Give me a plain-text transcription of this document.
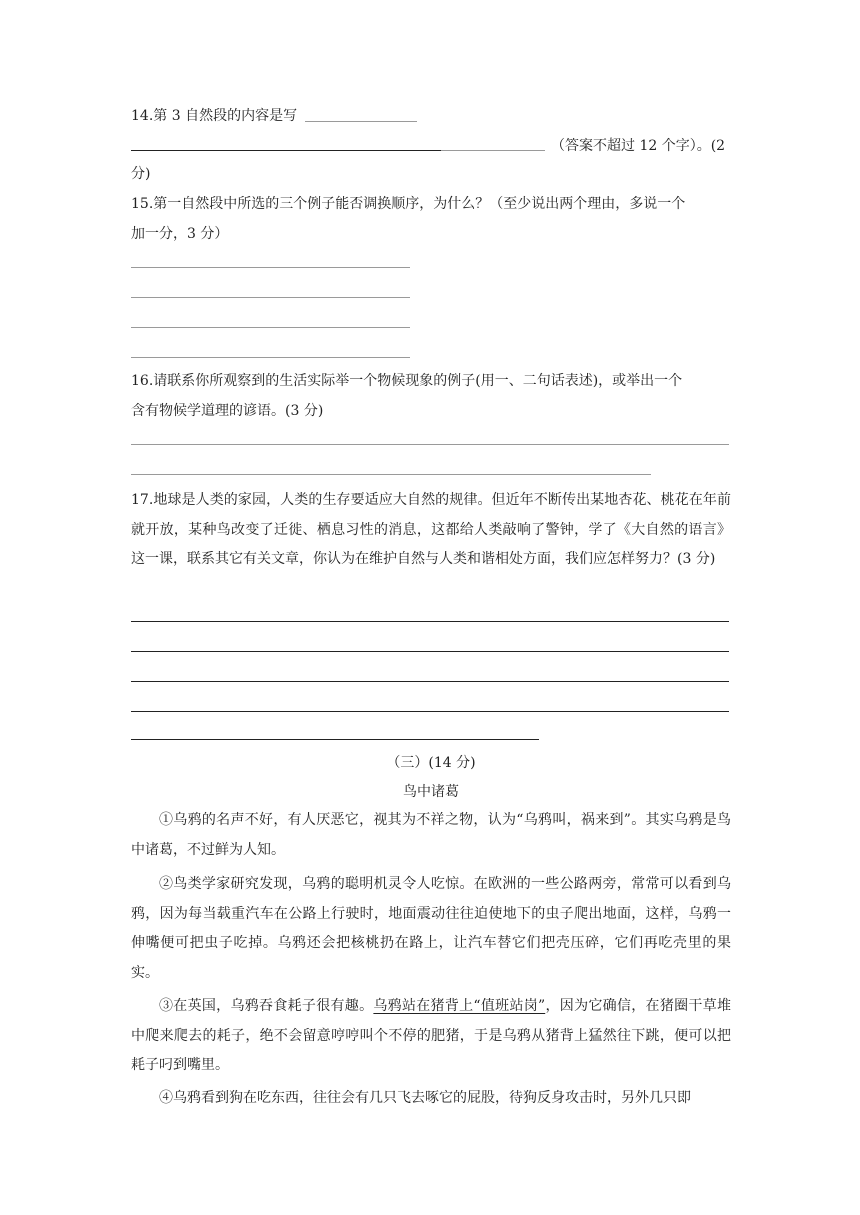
14.第 3 自然段的内容是写
（答案不超过 12 个字）。(2
分)
15.第一自然段中所选的三个例子能否调换顺序，为什么？（至少说出两个理由，多说一个
加一分，3 分）
16.请联系你所观察到的生活实际举一个物候现象的例子(用一、二句话表述)，或举出一个
含有物候学道理的谚语。(3 分)
17.地球是人类的家园，人类的生存要适应大自然的规律。但近年不断传出某地杏花、桃花在年前就开放，某种鸟改变了迁徙、栖息习性的消息，这都给人类敲响了警钟，学了《大自然的语言》这一课，联系其它有关文章，你认为在维护自然与人类和谐相处方面，我们应怎样努力？(3 分)
（三）(14 分)
鸟中诸葛
①乌鸦的名声不好，有人厌恶它，视其为不祥之物，认为“乌鸦叫，祸来到”。其实乌鸦是鸟中诸葛，不过鲜为人知。
②鸟类学家研究发现，乌鸦的聪明机灵令人吃惊。在欧洲的一些公路两旁，常常可以看到乌鸦，因为每当载重汽车在公路上行驶时，地面震动往往迫使地下的虫子爬出地面，这样，乌鸦一伸嘴便可把虫子吃掉。乌鸦还会把核桃扔在路上，让汽车替它们把壳压碎，它们再吃壳里的果实。
③在英国，乌鸦吞食耗子很有趣。乌鸦站在猪背上“值班站岗”，因为它确信，在猪圈干草堆中爬来爬去的耗子，绝不会留意哼哼叫个不停的肥猪，于是乌鸦从猪背上猛然往下跳，便可以把耗子叼到嘴里。
④乌鸦看到狗在吃东西，往往会有几只飞去啄它的屁股，待狗反身攻击时，另外几只即
